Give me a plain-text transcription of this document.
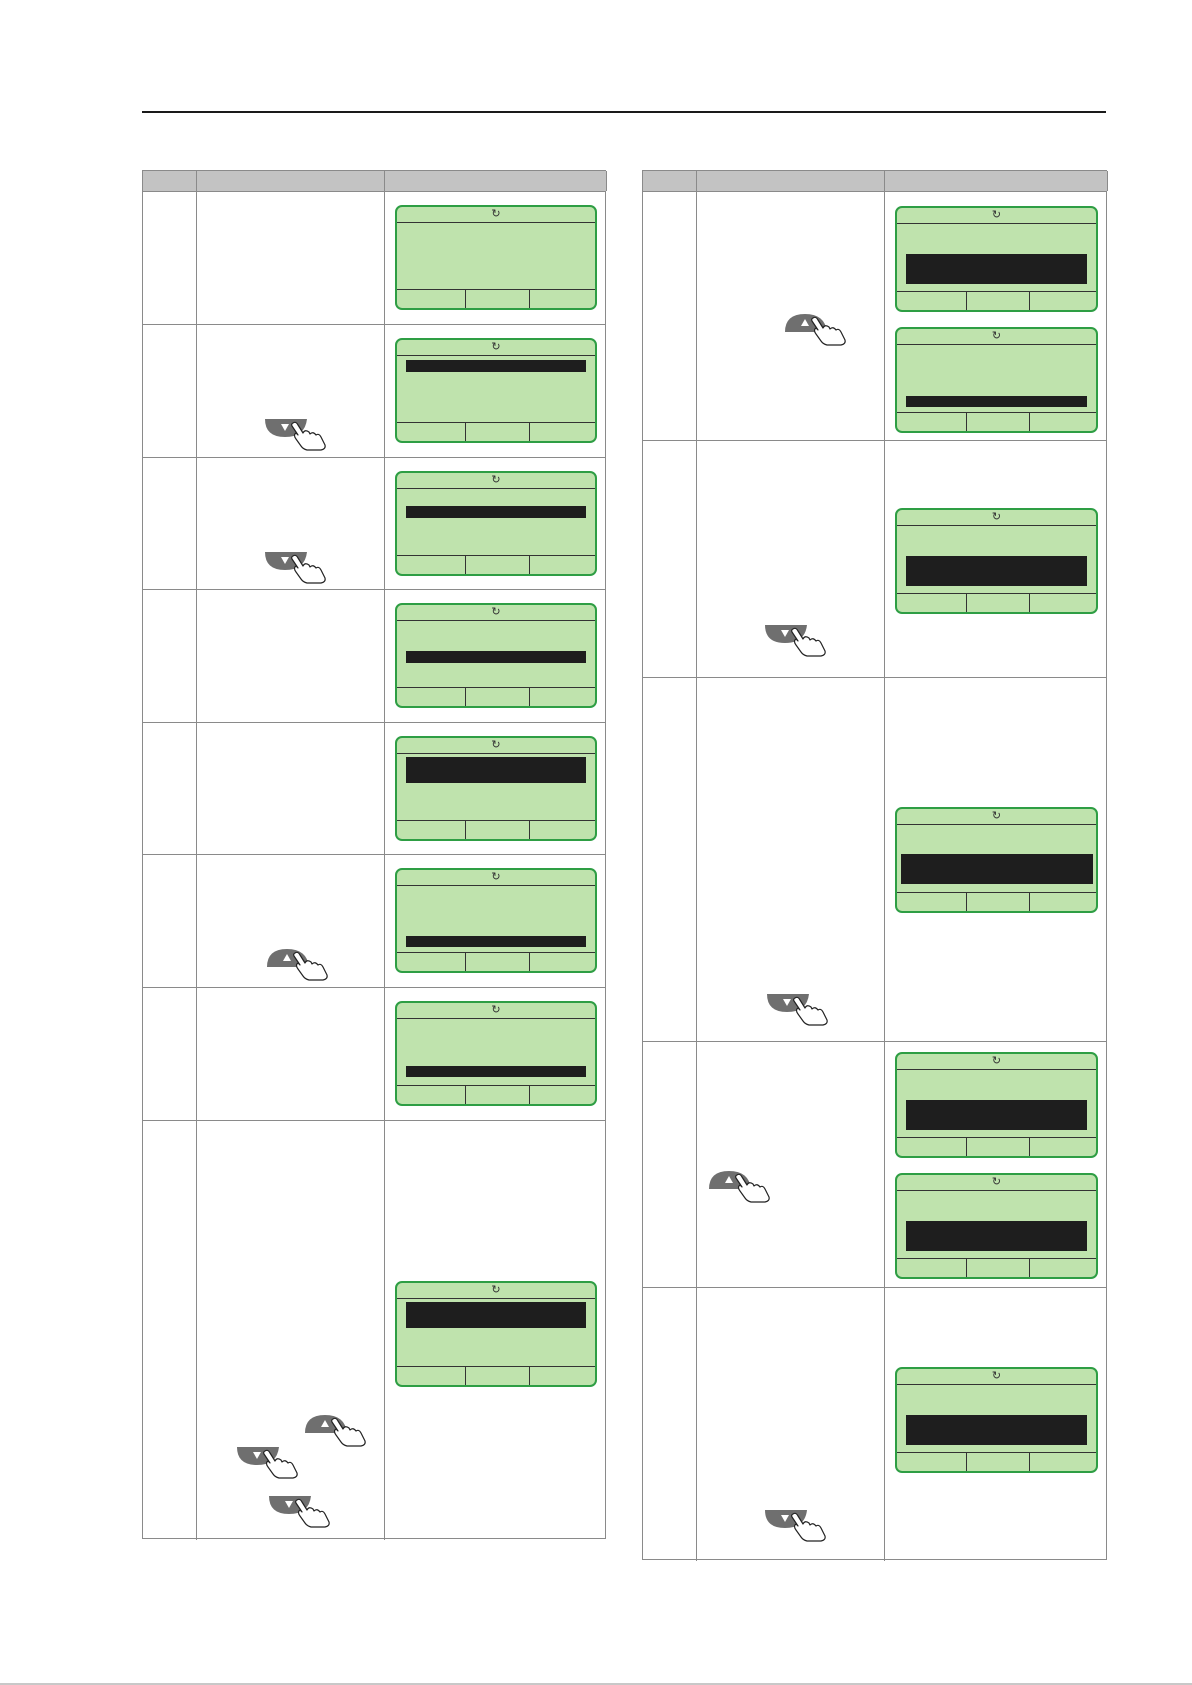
↻
↻
↻
↻
↻
↻
↻
↻
↻
↻
↻
↻
↻
↻
↻
